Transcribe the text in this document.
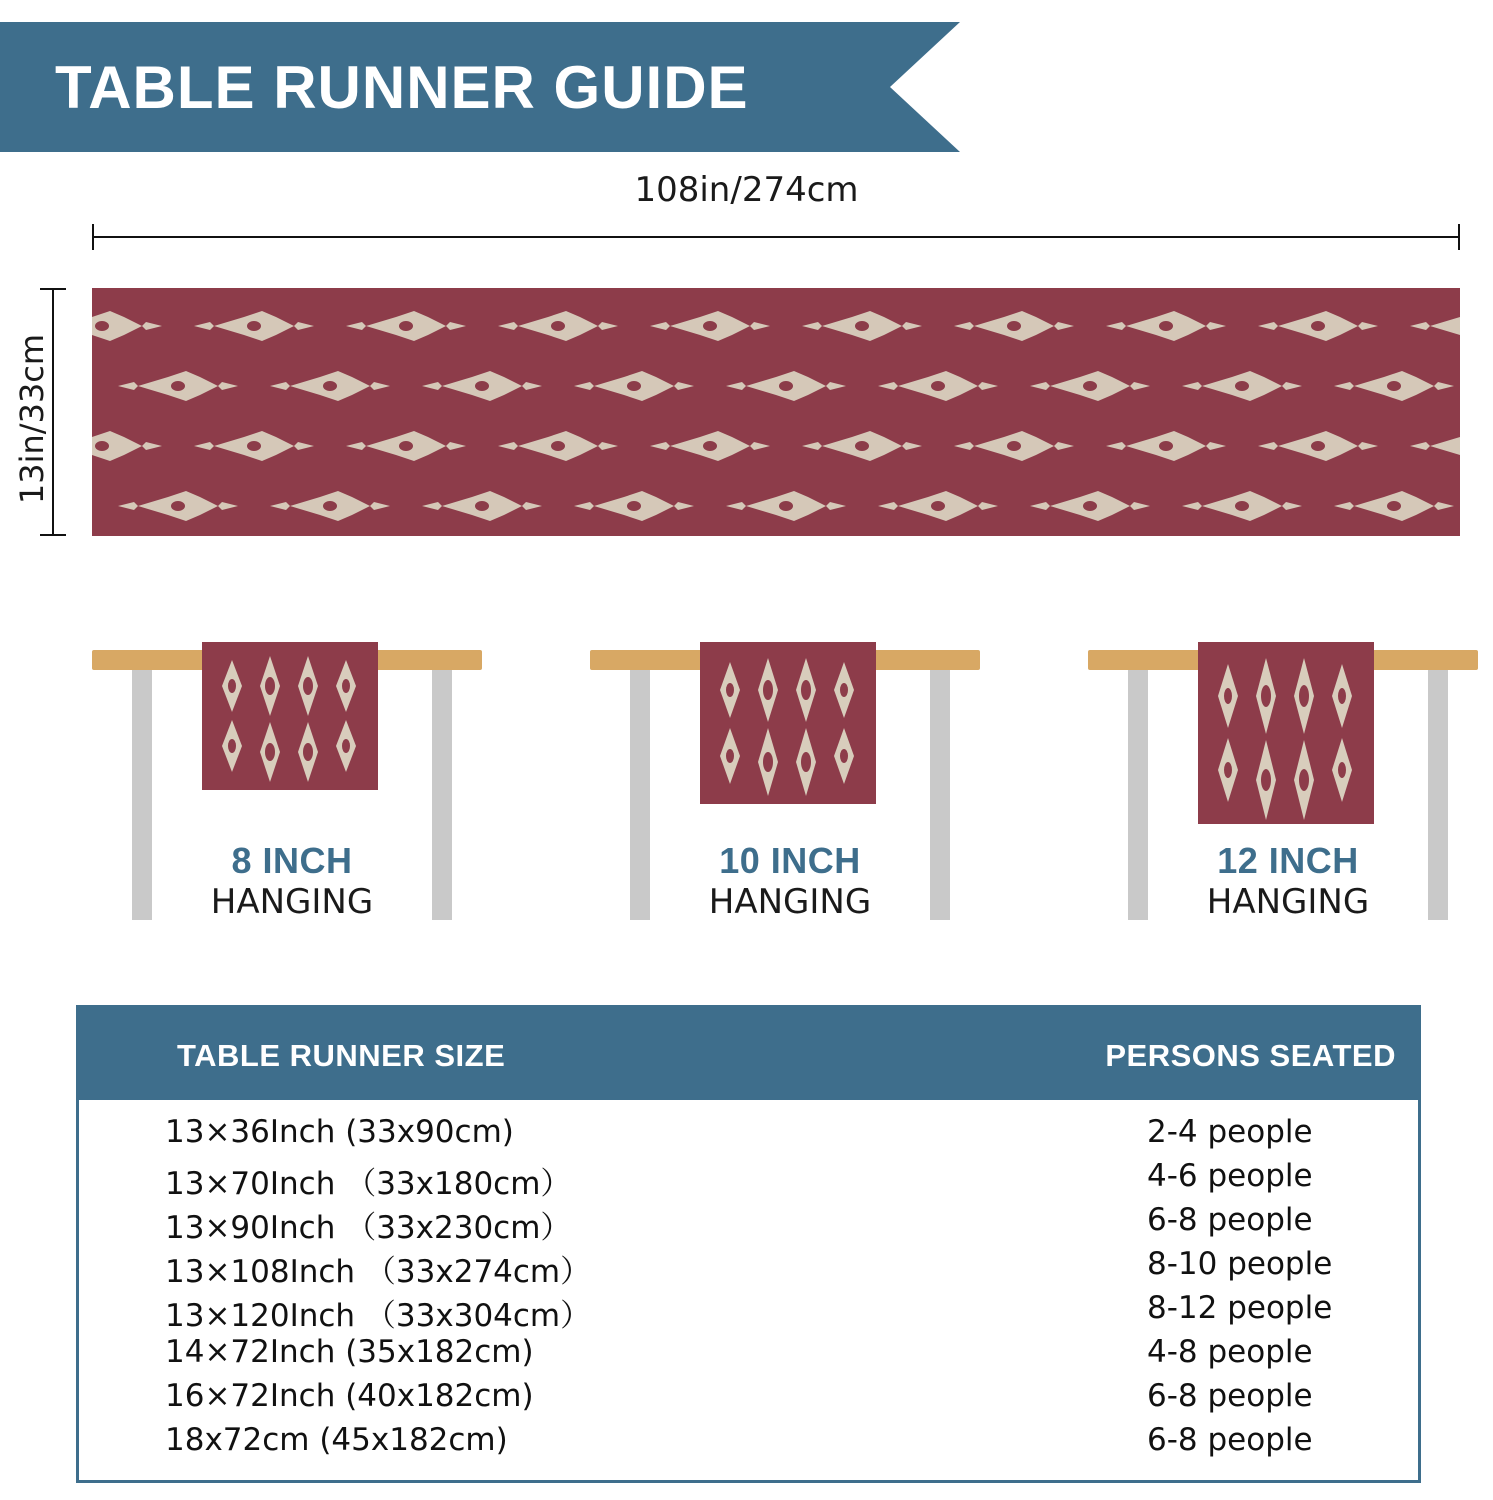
TABLE RUNNER GUIDE
108in/274cm
13in/33cm
8 INCH
HANGING
10 INCH
HANGING
12 INCH
HANGING
TABLE RUNNER SIZE	PERSONS SEATED
13×36Inch (33x90cm)	2-4 people
13×70Inch （33x180cm）	4-6 people
13×90Inch （33x230cm）	6-8 people
13×108Inch （33x274cm）	8-10 people
13×120Inch （33x304cm）	8-12 people
14×72Inch (35x182cm)	4-8 people
16×72Inch (40x182cm)	6-8 people
18x72cm (45x182cm)	6-8 people
